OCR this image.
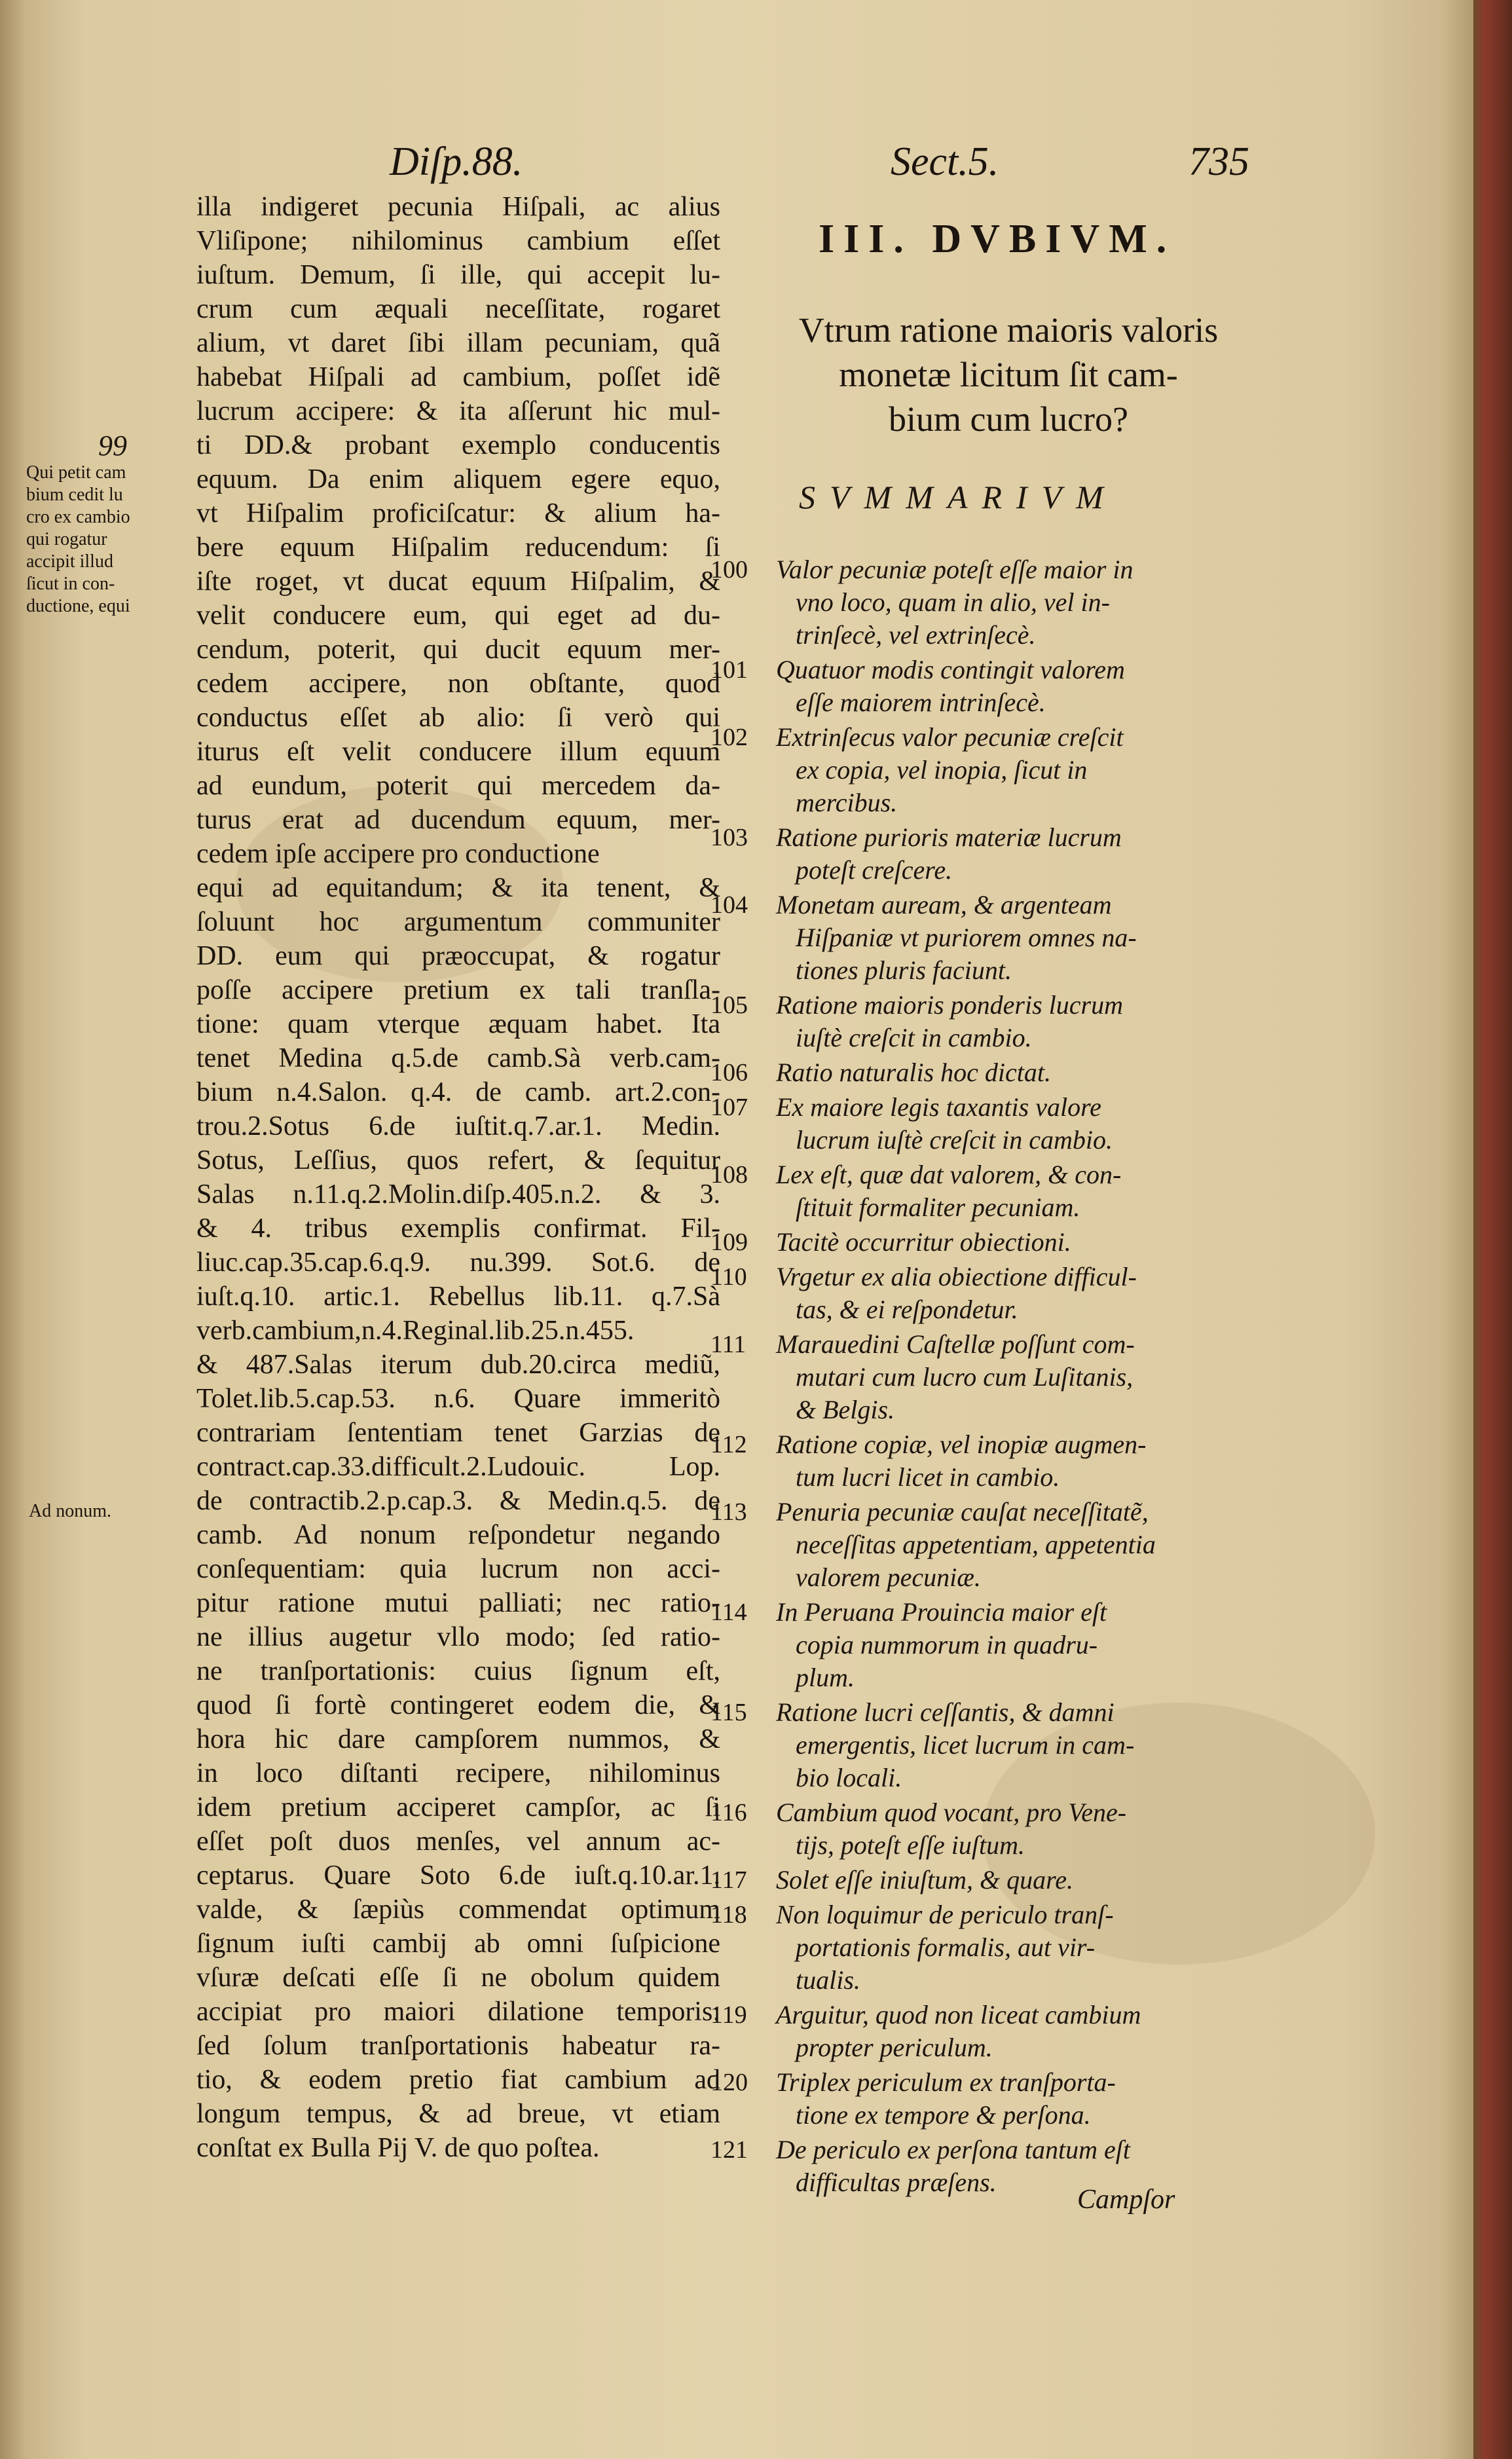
Diſp.88.	Sect.5.	735
illa indigeret pecunia Hiſpali, ac alius
Vliſipone; nihilominus cambium eſſet
iuſtum. Demum, ſi ille, qui accepit lu-
crum cum æquali neceſſitate, rogaret
alium, vt daret ſibi illam pecuniam, quã
habebat Hiſpali ad cambium, poſſet idẽ
lucrum accipere: & ita aſſerunt hic mul-
ti DD.& probant exemplo conducentis
equum. Da enim aliquem egere equo,
vt Hiſpalim proficiſcatur: & alium ha-
bere equum Hiſpalim reducendum: ſi
iſte roget, vt ducat equum Hiſpalim, &
velit conducere eum, qui eget ad du-
cendum, poterit, qui ducit equum mer-
cedem accipere, non obſtante, quod
conductus eſſet ab alio: ſi verò qui
iturus eſt velit conducere illum equum
ad eundum, poterit qui mercedem da-
turus erat ad ducendum equum, mer-
cedem ipſe accipere pro conductione
equi ad equitandum; & ita tenent, &
ſoluunt hoc argumentum communiter
DD. eum qui præoccupat, & rogatur
poſſe accipere pretium ex tali tranſla-
tione: quam vterque æquam habet. Ita
tenet Medina q.5.de camb.Sà verb.cam-
bium n.4.Salon. q.4. de camb. art.2.con-
trou.2.Sotus 6.de iuſtit.q.7.ar.1. Medin.
Sotus, Leſſius, quos refert, & ſequitur
Salas n.11.q.2.Molin.diſp.405.n.2. & 3.
& 4. tribus exemplis confirmat. Fil-
liuc.cap.35.cap.6.q.9. nu.399. Sot.6. de
iuſt.q.10. artic.1. Rebellus lib.11. q.7.Sà
verb.cambium,n.4.Reginal.lib.25.n.455.
& 487.Salas iterum dub.20.circa mediũ,
Tolet.lib.5.cap.53. n.6. Quare immeritò
contrariam ſententiam tenet Garzias de
contract.cap.33.difficult.2.Ludouic. Lop.
de contractib.2.p.cap.3. & Medin.q.5. de
camb. Ad nonum reſpondetur negando
conſequentiam: quia lucrum non acci-
pitur ratione mutui palliati; nec ratio-
ne illius augetur vllo modo; ſed ratio-
ne tranſportationis: cuius ſignum eſt,
quod ſi fortè contingeret eodem die, &
hora hic dare campſorem nummos, &
in loco diſtanti recipere, nihilominus
idem pretium acciperet campſor, ac ſi
eſſet poſt duos menſes, vel annum ac-
ceptarus. Quare Soto 6.de iuſt.q.10.ar.1.
valde, & ſæpiùs commendat optimum
ſignum iuſti cambij ab omni ſuſpicione
vſuræ deſcati eſſe ſi ne obolum quidem
accipiat pro maiori dilatione temporis:
ſed ſolum tranſportationis habeatur ra-
tio, & eodem pretio fiat cambium ad
longum tempus, & ad breue, vt etiam
conſtat ex Bulla Pij V. de quo poſtea.
99
Qui petit cam
bium cedit lu
cro ex cambio
qui rogatur
accipit illud
ſicut in con-
ductione, equi
Ad nonum.
III. DVBIVM.
Vtrum ratione maioris valoris
monetæ licitum ſit cam-
bium cum lucro?
SVMMARIVM
100	Valor pecuniæ poteſt eſſe maior in
vno loco, quam in alio, vel in-
trinſecè, vel extrinſecè.
101	Quatuor modis contingit valorem
eſſe maiorem intrinſecè.
102	Extrinſecus valor pecuniæ creſcit
ex copia, vel inopia, ſicut in
mercibus.
103	Ratione purioris materiæ lucrum
poteſt creſcere.
104	Monetam auream, & argenteam
Hiſpaniæ vt puriorem omnes na-
tiones pluris faciunt.
105	Ratione maioris ponderis lucrum
iuſtè creſcit in cambio.
106	Ratio naturalis hoc dictat.
107	Ex maiore legis taxantis valore
lucrum iuſtè creſcit in cambio.
108	Lex eſt, quæ dat valorem, & con-
ſtituit formaliter pecuniam.
109	Tacitè occurritur obiectioni.
110	Vrgetur ex alia obiectione difficul-
tas, & ei reſpondetur.
111	Marauedini Caſtellæ poſſunt com-
mutari cum lucro cum Luſitanis,
& Belgis.
112	Ratione copiæ, vel inopiæ augmen-
tum lucri licet in cambio.
113	Penuria pecuniæ cauſat neceſſitatẽ,
neceſſitas appetentiam, appetentia
valorem pecuniæ.
114	In Peruana Prouincia maior eſt
copia nummorum in quadru-
plum.
115	Ratione lucri ceſſantis, & damni
emergentis, licet lucrum in cam-
bio locali.
116	Cambium quod vocant, pro Vene-
tijs, poteſt eſſe iuſtum.
117	Solet eſſe iniuſtum, & quare.
118	Non loquimur de periculo tranſ-
portationis formalis, aut vir-
tualis.
119	Arguitur, quod non liceat cambium
propter periculum.
120	Triplex periculum ex tranſporta-
tione ex tempore & perſona.
121	De periculo ex perſona tantum eſt
difficultas præſens.
Campſor
